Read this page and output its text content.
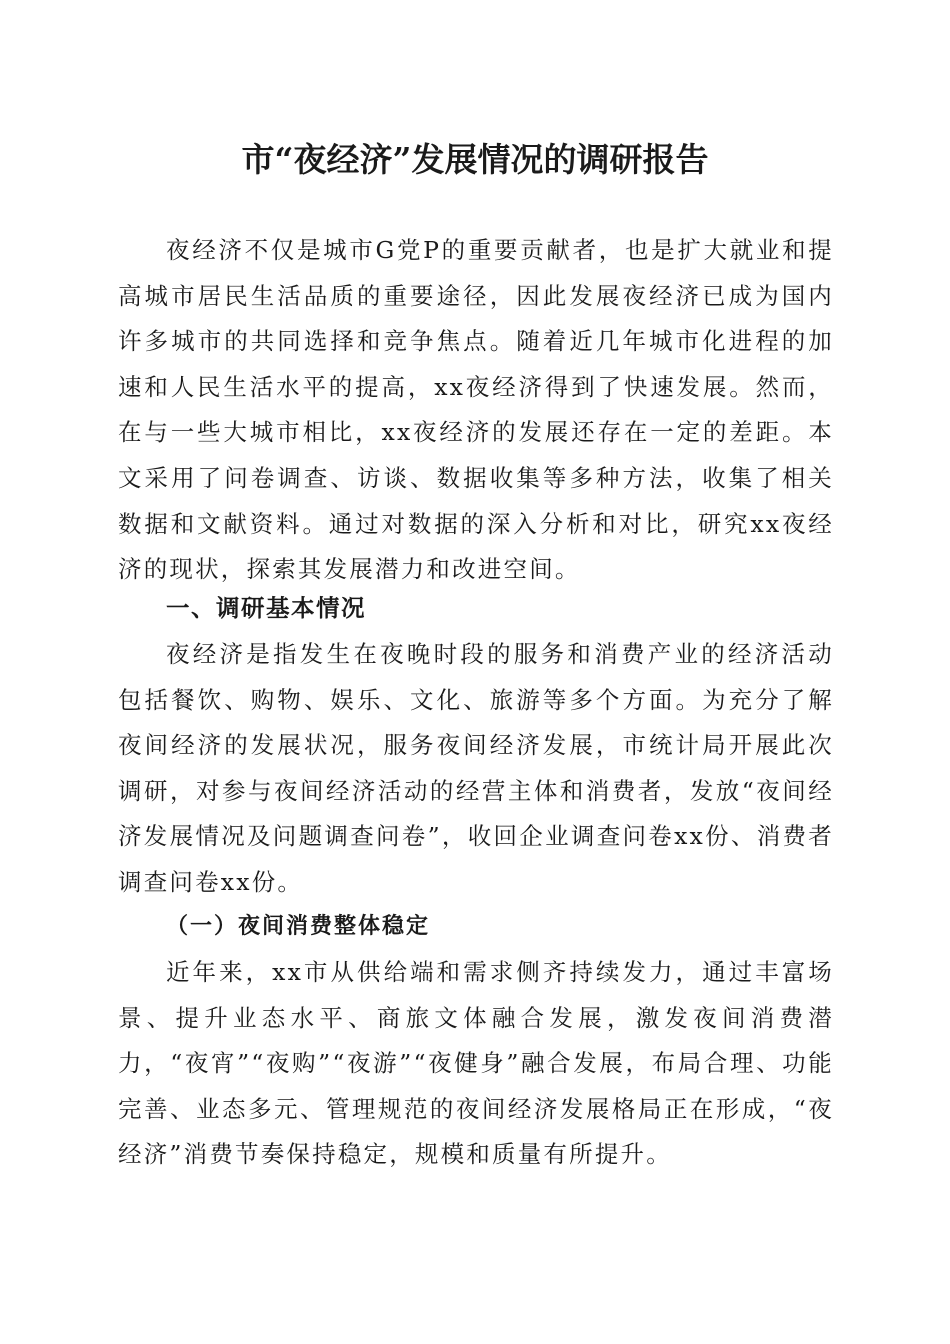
市“夜经济”发展情况的调研报告

夜经济不仅是城市G党P的重要贡献者，也是扩大就业和提高城市居民生活品质的重要途径，因此发展夜经济已成为国内许多城市的共同选择和竞争焦点。随着近几年城市化进程的加速和人民生活水平的提高，xx夜经济得到了快速发展。然而，在与一些大城市相比，xx夜经济的发展还存在一定的差距。本文采用了问卷调查、访谈、数据收集等多种方法，收集了相关数据和文献资料。通过对数据的深入分析和对比，研究xx夜经济的现状，探索其发展潜力和改进空间。

一、调研基本情况

夜经济是指发生在夜晚时段的服务和消费产业的经济活动包括餐饮、购物、娱乐、文化、旅游等多个方面。为充分了解夜间经济的发展状况，服务夜间经济发展，市统计局开展此次调研，对参与夜间经济活动的经营主体和消费者，发放“夜间经济发展情况及问题调查问卷”，收回企业调查问卷xx份、消费者调查问卷xx份。

（一）夜间消费整体稳定

近年来，xx市从供给端和需求侧齐持续发力，通过丰富场景、提升业态水平、商旅文体融合发展，激发夜间消费潜力，“夜宵”“夜购”“夜游”“夜健身”融合发展，布局合理、功能完善、业态多元、管理规范的夜间经济发展格局正在形成，“夜经济”消费节奏保持稳定，规模和质量有所提升。
